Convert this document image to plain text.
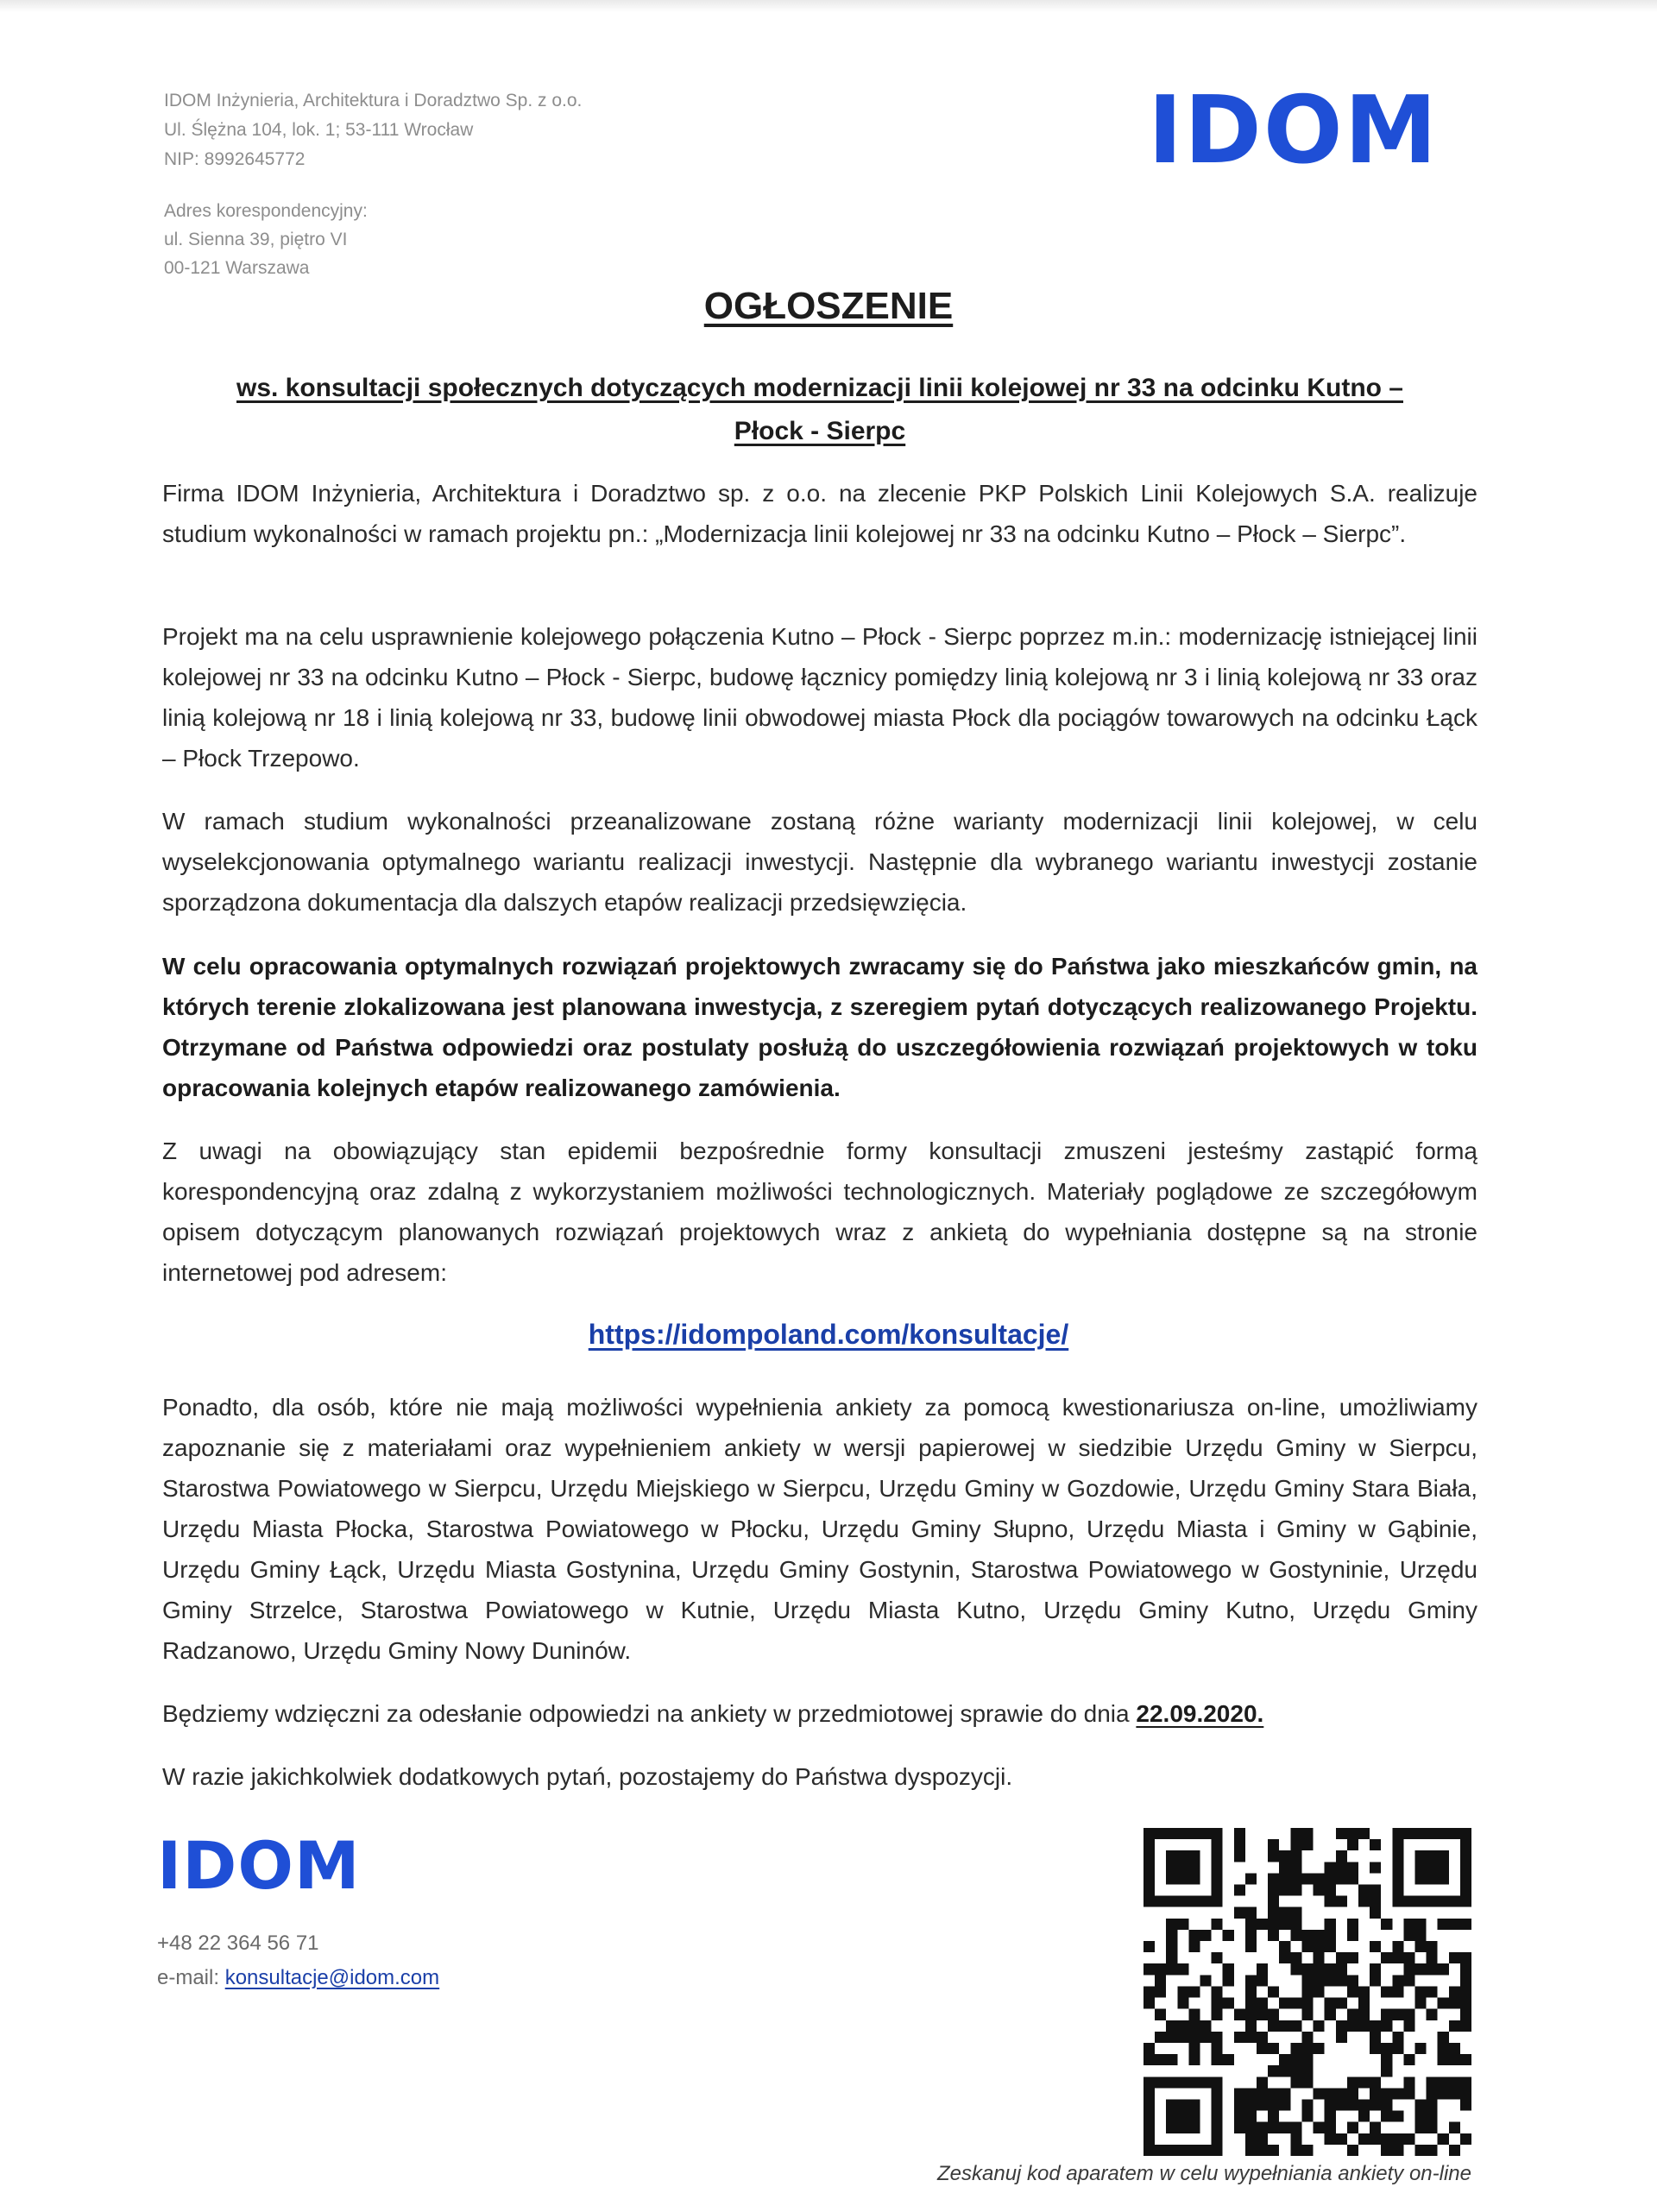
IDOM Inżynieria, Architektura i Doradztwo Sp. z o.o.
Ul. Ślężna 104, lok. 1; 53-111 Wrocław
NIP: 8992645772
Adres korespondencyjny:
ul. Sienna 39, piętro VI
00-121 Warszawa
IDOM
OGŁOSZENIE
ws. konsultacji społecznych dotyczących modernizacji linii kolejowej nr 33 na odcinku Kutno –
Płock - Sierpc
Firma IDOM Inżynieria, Architektura i Doradztwo sp. z o.o. na zlecenie PKP Polskich Linii Kolejowych S.A. realizuje studium wykonalności w ramach projektu pn.: „Modernizacja linii kolejowej nr 33 na odcinku Kutno – Płock – Sierpc”.
Projekt ma na celu usprawnienie kolejowego połączenia Kutno – Płock - Sierpc poprzez m.in.: modernizację istniejącej linii kolejowej nr 33 na odcinku Kutno – Płock - Sierpc, budowę łącznicy pomiędzy linią kolejową nr 3 i linią kolejową nr 33 oraz linią kolejową nr 18 i linią kolejową nr 33, budowę linii obwodowej miasta Płock dla pociągów towarowych na odcinku Łąck – Płock Trzepowo.
W ramach studium wykonalności przeanalizowane zostaną różne warianty modernizacji linii kolejowej, w celu wyselekcjonowania optymalnego wariantu realizacji inwestycji. Następnie dla wybranego wariantu inwestycji zostanie sporządzona dokumentacja dla dalszych etapów realizacji przedsięwzięcia.
W celu opracowania optymalnych rozwiązań projektowych zwracamy się do Państwa jako mieszkańców gmin, na których terenie zlokalizowana jest planowana inwestycja, z szeregiem pytań dotyczących realizowanego Projektu. Otrzymane od Państwa odpowiedzi oraz postulaty posłużą do uszczegółowienia rozwiązań projektowych w toku opracowania kolejnych etapów realizowanego zamówienia.
Z uwagi na obowiązujący stan epidemii bezpośrednie formy konsultacji zmuszeni jesteśmy zastąpić formą korespondencyjną oraz zdalną z wykorzystaniem możliwości technologicznych. Materiały poglądowe ze szczegółowym opisem dotyczącym planowanych rozwiązań projektowych wraz z ankietą do wypełniania dostępne są na stronie internetowej pod adresem:
https://idompoland.com/konsultacje/
Ponadto, dla osób, które nie mają możliwości wypełnienia ankiety za pomocą kwestionariusza on-line, umożliwiamy zapoznanie się z materiałami oraz wypełnieniem ankiety w wersji papierowej w siedzibie Urzędu Gminy w Sierpcu, Starostwa Powiatowego w Sierpcu, Urzędu Miejskiego w Sierpcu, Urzędu Gminy w Gozdowie, Urzędu Gminy Stara Biała, Urzędu Miasta Płocka, Starostwa Powiatowego w Płocku, Urzędu Gminy Słupno, Urzędu Miasta i Gminy w Gąbinie, Urzędu Gminy Łąck, Urzędu Miasta Gostynina, Urzędu Gminy Gostynin, Starostwa Powiatowego w Gostyninie, Urzędu Gminy Strzelce, Starostwa Powiatowego w Kutnie, Urzędu Miasta Kutno, Urzędu Gminy Kutno, Urzędu Gminy Radzanowo, Urzędu Gminy Nowy Duninów.
Będziemy wdzięczni za odesłanie odpowiedzi na ankiety w przedmiotowej sprawie do dnia 22.09.2020.
W razie jakichkolwiek dodatkowych pytań, pozostajemy do Państwa dyspozycji.
IDOM
+48 22 364 56 71
e-mail: konsultacje@idom.com
Zeskanuj kod aparatem w celu wypełniania ankiety on-line
